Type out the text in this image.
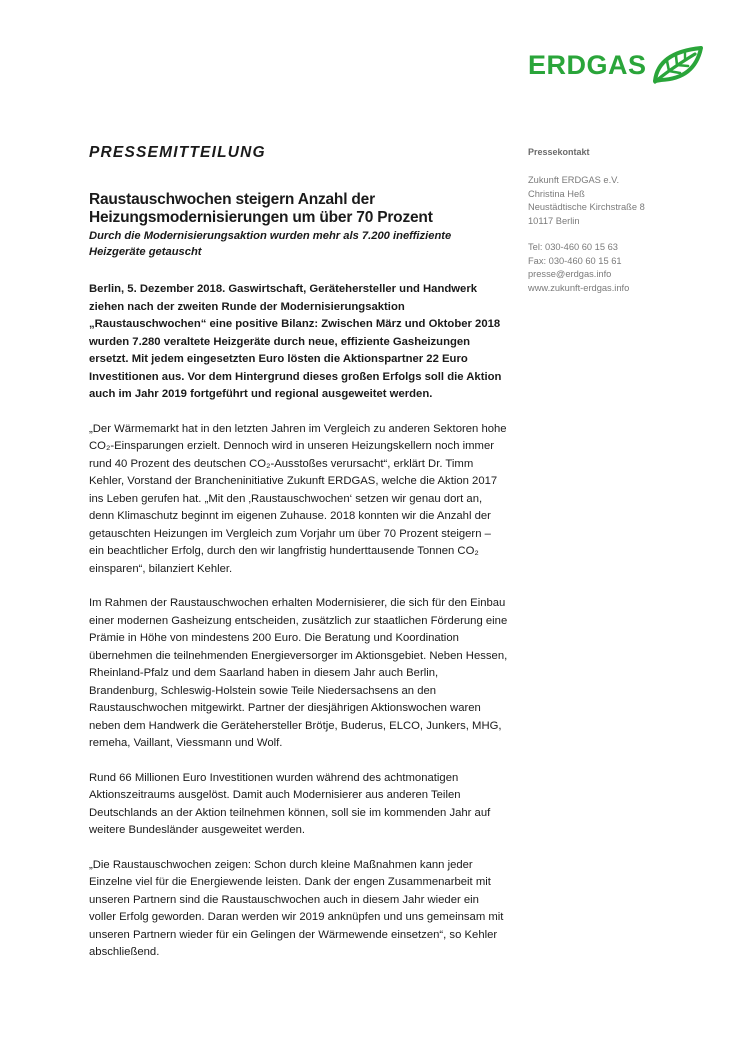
ERDGAS

PRESSEMITTEILUNG

Raustauschwochen steigern Anzahl der Heizungsmodernisierungen um über 70 Prozent

Durch die Modernisierungsaktion wurden mehr als 7.200 ineffiziente Heizgeräte getauscht

Berlin, 5. Dezember 2018. Gaswirtschaft, Gerätehersteller und Handwerk ziehen nach der zweiten Runde der Modernisierungsaktion „Raustauschwochen“ eine positive Bilanz: Zwischen März und Oktober 2018 wurden 7.280 veraltete Heizgeräte durch neue, effiziente Gasheizungen ersetzt. Mit jedem eingesetzten Euro lösten die Aktionspartner 22 Euro Investitionen aus. Vor dem Hintergrund dieses großen Erfolgs soll die Aktion auch im Jahr 2019 fortgeführt und regional ausgeweitet werden.

„Der Wärmemarkt hat in den letzten Jahren im Vergleich zu anderen Sektoren hohe CO₂-Einsparungen erzielt. Dennoch wird in unseren Heizungskellern noch immer rund 40 Prozent des deutschen CO₂-Ausstoßes verursacht“, erklärt Dr. Timm Kehler, Vorstand der Brancheninitiative Zukunft ERDGAS, welche die Aktion 2017 ins Leben gerufen hat. „Mit den ‚Raustauschwochen‘ setzen wir genau dort an, denn Klimaschutz beginnt im eigenen Zuhause. 2018 konnten wir die Anzahl der getauschten Heizungen im Vergleich zum Vorjahr um über 70 Prozent steigern – ein beachtlicher Erfolg, durch den wir langfristig hunderttausende Tonnen CO₂ einsparen“, bilanziert Kehler.

Im Rahmen der Raustauschwochen erhalten Modernisierer, die sich für den Einbau einer modernen Gasheizung entscheiden, zusätzlich zur staatlichen Förderung eine Prämie in Höhe von mindestens 200 Euro. Die Beratung und Koordination übernehmen die teilnehmenden Energieversorger im Aktionsgebiet. Neben Hessen, Rheinland-Pfalz und dem Saarland haben in diesem Jahr auch Berlin, Brandenburg, Schleswig-Holstein sowie Teile Niedersachsens an den Raustauschwochen mitgewirkt. Partner der diesjährigen Aktionswochen waren neben dem Handwerk die Gerätehersteller Brötje, Buderus, ELCO, Junkers, MHG, remeha, Vaillant, Viessmann und Wolf.

Rund 66 Millionen Euro Investitionen wurden während des achtmonatigen Aktionszeitraums ausgelöst. Damit auch Modernisierer aus anderen Teilen Deutschlands an der Aktion teilnehmen können, soll sie im kommenden Jahr auf weitere Bundesländer ausgeweitet werden.

„Die Raustauschwochen zeigen: Schon durch kleine Maßnahmen kann jeder Einzelne viel für die Energiewende leisten. Dank der engen Zusammenarbeit mit unseren Partnern sind die Raustauschwochen auch in diesem Jahr wieder ein voller Erfolg geworden. Daran werden wir 2019 anknüpfen und uns gemeinsam mit unseren Partnern wieder für ein Gelingen der Wärmewende einsetzen“, so Kehler abschließend.

Pressekontakt

Zukunft ERDGAS e.V.
Christina Heß
Neustädtische Kirchstraße 8
10117 Berlin
Tel: 030-460 60 15 63
Fax: 030-460 60 15 61
presse@erdgas.info
www.zukunft-erdgas.info
